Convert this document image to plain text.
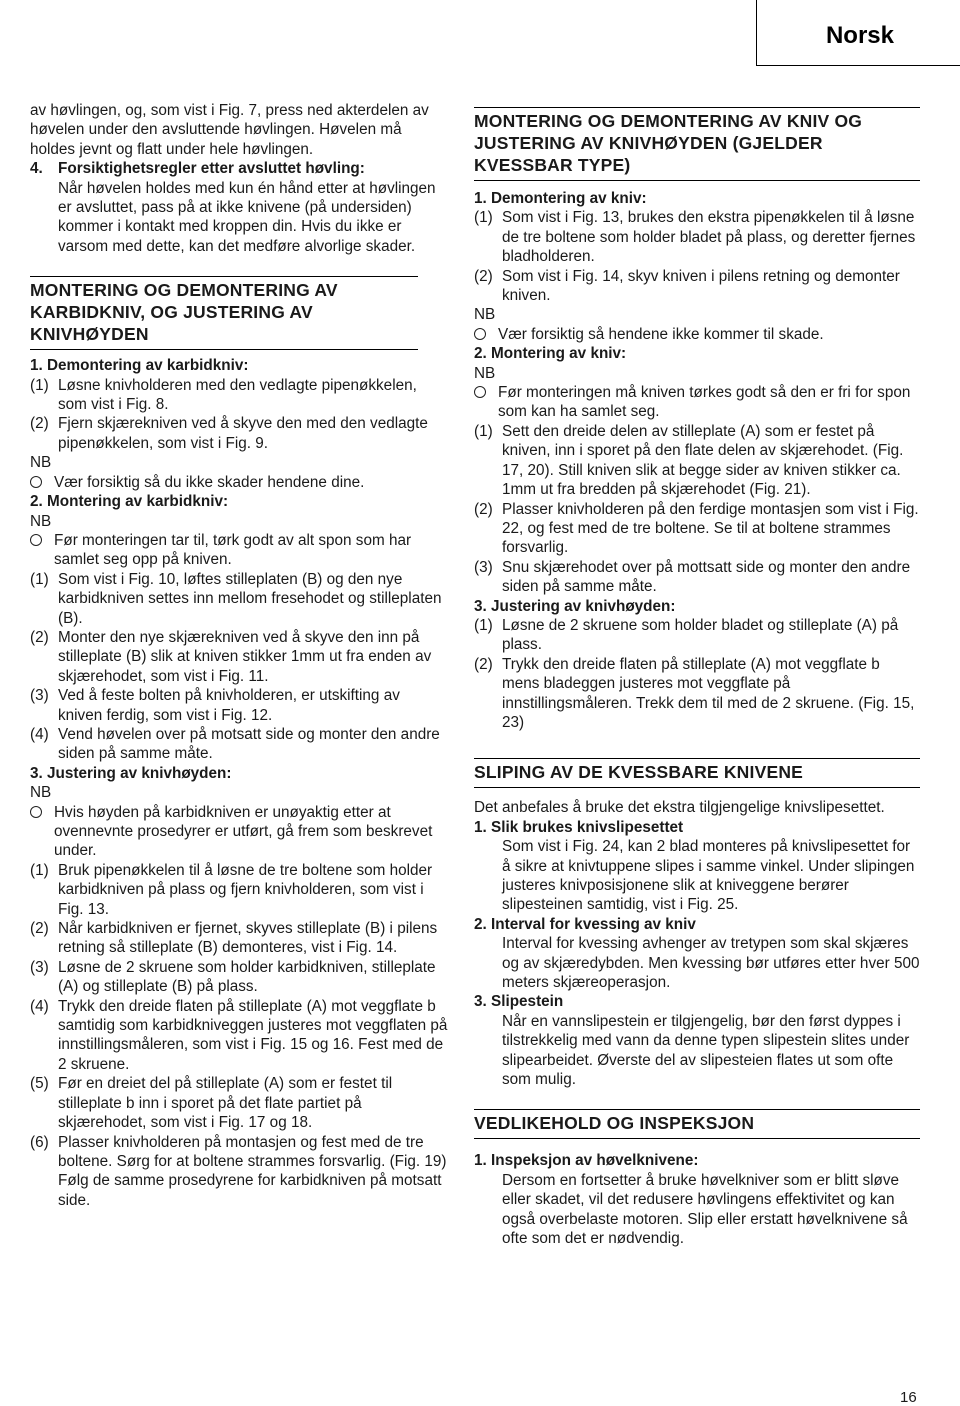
Norsk

av høvlingen, og, som vist i Fig. 7, press ned akterdelen av høvelen under den avsluttende høvlingen. Høvelen må holdes jevnt og flatt under hele høvlingen.

4. Forsiktighetsregler etter avsluttet høvling:
Når høvelen holdes med kun én hånd etter at høvlingen er avsluttet, pass på at ikke knivene (på undersiden) kommer i kontakt med kroppen din. Hvis du ikke er varsom med dette, kan det medføre alvorlige skader.
MONTERING OG DEMONTERING AV KARBIDKNIV, OG JUSTERING AV KNIVHØYDEN
1. Demontering av karbidkniv:
(1) Løsne knivholderen med den vedlagte pipenøkkelen, som vist i Fig. 8.
(2) Fjern skjærekniven ved å skyve den med den vedlagte pipenøkkelen, som vist i Fig. 9.

NB

Vær forsiktig så du ikke skader hendene dine.
2. Montering av karbidkniv:

NB

Før monteringen tar til, tørk godt av alt spon som har samlet seg opp på kniven.
(1) Som vist i Fig. 10, løftes stilleplaten (B) og den nye karbidkniven settes inn mellom fresehodet og stilleplaten (B).
(2) Monter den nye skjærekniven ved å skyve den inn på stilleplate (B) slik at kniven stikker 1mm ut fra enden av skjærehodet, som vist i Fig. 11.
(3) Ved å feste bolten på knivholderen, er utskifting av kniven ferdig, som vist i Fig. 12.
(4) Vend høvelen over på motsatt side og monter den andre siden på samme måte.
3. Justering av knivhøyden:

NB

Hvis høyden på karbidkniven er unøyaktig etter at ovennevnte prosedyrer er utført, gå frem som beskrevet under.
(1) Bruk pipenøkkelen til å løsne de tre boltene som holder karbidkniven på plass og fjern knivholderen, som vist i Fig. 13.
(2) Når karbidkniven er fjernet, skyves stilleplate (B) i pilens retning så stilleplate (B) demonteres, vist i Fig. 14.
(3) Løsne de 2 skruene som holder karbidkniven, stilleplate (A) og stilleplate (B) på plass.
(4) Trykk den dreide flaten på stilleplate (A) mot veggflate b samtidig som karbidkniveggen justeres mot veggflaten på innstillingsmåleren, som vist i Fig. 15 og 16. Fest med de 2 skruene.
(5) Før en dreiet del på stilleplate (A) som er festet til stilleplate b inn i sporet på det flate partiet på skjærehodet, som vist i Fig. 17 og 18.
(6) Plasser knivholderen på montasjen og fest med de tre boltene. Sørg for at boltene strammes forsvarlig. (Fig. 19)
Følg de samme prosedyrene for karbidkniven på motsatt side.
MONTERING OG DEMONTERING AV KNIV OG JUSTERING AV KNIVHØYDEN (GJELDER KVESSBAR TYPE)
1. Demontering av kniv:
(1) Som vist i Fig. 13, brukes den ekstra pipenøkkelen til å løsne de tre boltene som holder bladet på plass, og deretter fjernes bladholderen.
(2) Som vist i Fig. 14, skyv kniven i pilens retning og demonter kniven.

NB

Vær forsiktig så hendene ikke kommer til skade.
2. Montering av kniv:

NB

Før monteringen må kniven tørkes godt så den er fri for spon som kan ha samlet seg.
(1) Sett den dreide delen av stilleplate (A) som er festet på kniven, inn i sporet på den flate delen av skjærehodet. (Fig. 17, 20). Still kniven slik at begge sider av kniven stikker ca. 1mm ut fra bredden på skjærehodet (Fig. 21).
(2) Plasser knivholderen på den ferdige montasjen som vist i Fig. 22, og fest med de tre boltene. Se til at boltene strammes forsvarlig.
(3) Snu skjærehodet over på mottsatt side og monter den andre siden på samme måte.
3. Justering av knivhøyden:
(1) Løsne de 2 skruene som holder bladet og stilleplate (A) på plass.
(2) Trykk den dreide flaten på stilleplate (A) mot veggflate b mens bladeggen justeres mot veggflate på innstillingsmåleren. Trekk dem til med de 2 skruene. (Fig. 15, 23)
SLIPING AV DE KVESSBARE KNIVENE

Det anbefales å bruke det ekstra tilgjengelige knivslipesettet.

1. Slik brukes knivslipesettet
Som vist i Fig. 24, kan 2 blad monteres på knivslipesettet for å sikre at knivtuppene slipes i samme vinkel. Under slipingen justeres knivposisjonene slik at kniveggene berører slipesteinen samtidig, vist i Fig. 25.
2. Interval for kvessing av kniv
Interval for kvessing avhenger av tretypen som skal skjæres og av skjæredybden. Men kvessing bør utføres etter hver 500 meters skjæreoperasjon.
3. Slipestein
Når en vannslipestein er tilgjengelig, bør den først dyppes i tilstrekkelig med vann da denne typen slipestein slites under slipearbeidet. Øverste del av slipesteien flates ut som ofte som mulig.
VEDLIKEHOLD OG INSPEKSJON
1. Inspeksjon av høvelknivene:
Dersom en fortsetter å bruke høvelkniver som er blitt sløve eller skadet, vil det redusere høvlingens effektivitet og kan også overbelaste motoren. Slip eller erstatt høvelknivene så ofte som det er nødvendig.
16
